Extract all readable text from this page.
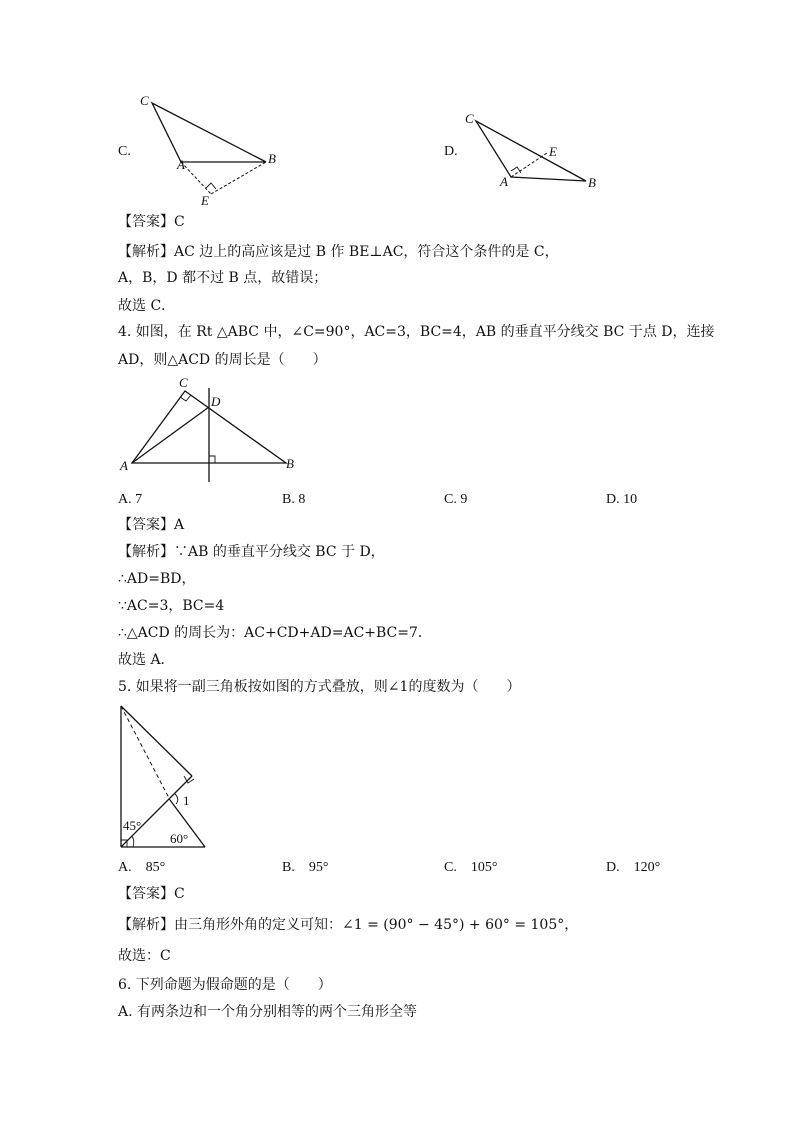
C.
C
A	B
E
D.
C
A	B
E
【答案】C
【解析】AC 边上的高应该是过 B 作 BE⊥AC，符合这个条件的是 C，
A，B，D 都不过 B 点，故错误；
故选 C．
4. 如图，在 Rt △ABC 中，∠C=90°，AC=3，BC=4，AB 的垂直平分线交 BC 于点 D，连接
AD，则△ACD 的周长是（　　）
C
D
A	B
A. 7	B. 8	C. 9	D. 10
【答案】A
【解析】∵AB 的垂直平分线交 BC 于 D，
∴AD=BD，
∵AC=3，BC=4
∴△ACD 的周长为：AC+CD+AD=AC+BC=7．
故选 A．
5. 如果将一副三角板按如图的方式叠放，则∠1的度数为（　　）
45°
60°
1
A.　85°	B.　95°	C.　105°	D.　120°
【答案】C
【解析】由三角形外角的定义可知：∠1 = (90° − 45°) + 60° = 105°，
故选：C
6. 下列命题为假命题的是（　　）
A. 有两条边和一个角分别相等的两个三角形全等
